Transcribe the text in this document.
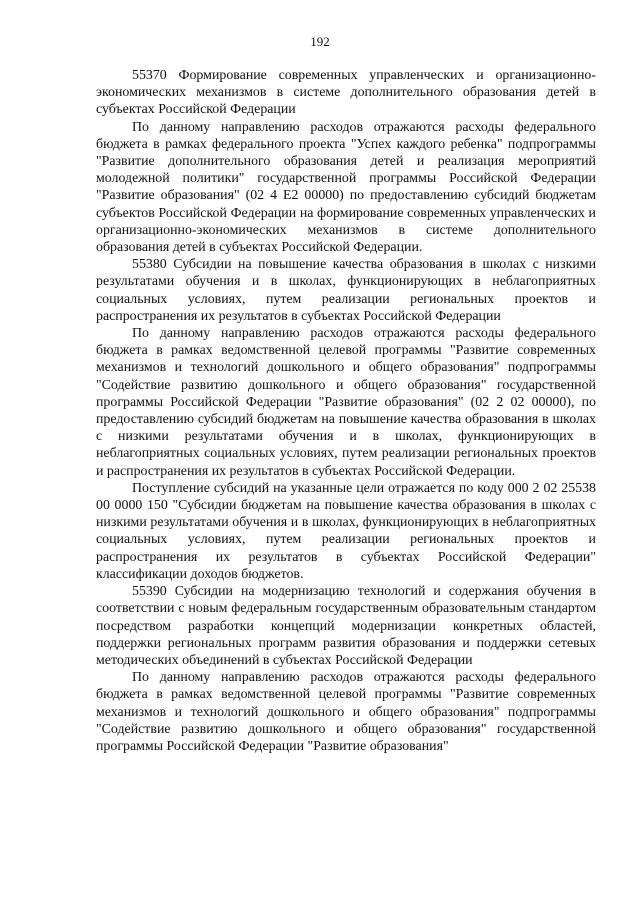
192

55370 Формирование современных управленческих и организационно-экономических механизмов в системе дополнительного образования детей в субъектах Российской Федерации

По данному направлению расходов отражаются расходы федерального бюджета в рамках федерального проекта "Успех каждого ребенка" подпрограммы "Развитие дополнительного образования детей и реализация мероприятий молодежной политики" государственной программы Российской Федерации "Развитие образования" (02 4 Е2 00000) по предоставлению субсидий бюджетам субъектов Российской Федерации на формирование современных управленческих и организационно-экономических механизмов в системе дополнительного образования детей в субъектах Российской Федерации.

55380 Субсидии на повышение качества образования в школах с низкими результатами обучения и в школах, функционирующих в неблагоприятных социальных условиях, путем реализации региональных проектов и распространения их результатов в субъектах Российской Федерации

По данному направлению расходов отражаются расходы федерального бюджета в рамках ведомственной целевой программы "Развитие современных механизмов и технологий дошкольного и общего образования" подпрограммы "Содействие развитию дошкольного и общего образования" государственной программы Российской Федерации "Развитие образования" (02 2 02 00000), по предоставлению субсидий бюджетам на повышение качества образования в школах с низкими результатами обучения и в школах, функционирующих в неблагоприятных социальных условиях, путем реализации региональных проектов и распространения их результатов в субъектах Российской Федерации.

Поступление субсидий на указанные цели отражается по коду 000 2 02 25538 00 0000 150 "Субсидии бюджетам на повышение качества образования в школах с низкими результатами обучения и в школах, функционирующих в неблагоприятных социальных условиях, путем реализации региональных проектов и распространения их результатов в субъектах Российской Федерации" классификации доходов бюджетов.

55390 Субсидии на модернизацию технологий и содержания обучения в соответствии с новым федеральным государственным образовательным стандартом посредством разработки концепций модернизации конкретных областей, поддержки региональных программ развития образования и поддержки сетевых методических объединений в субъектах Российской Федерации

По данному направлению расходов отражаются расходы федерального бюджета в рамках ведомственной целевой программы "Развитие современных механизмов и технологий дошкольного и общего образования" подпрограммы "Содействие развитию дошкольного и общего образования" государственной программы Российской Федерации "Развитие образования"
